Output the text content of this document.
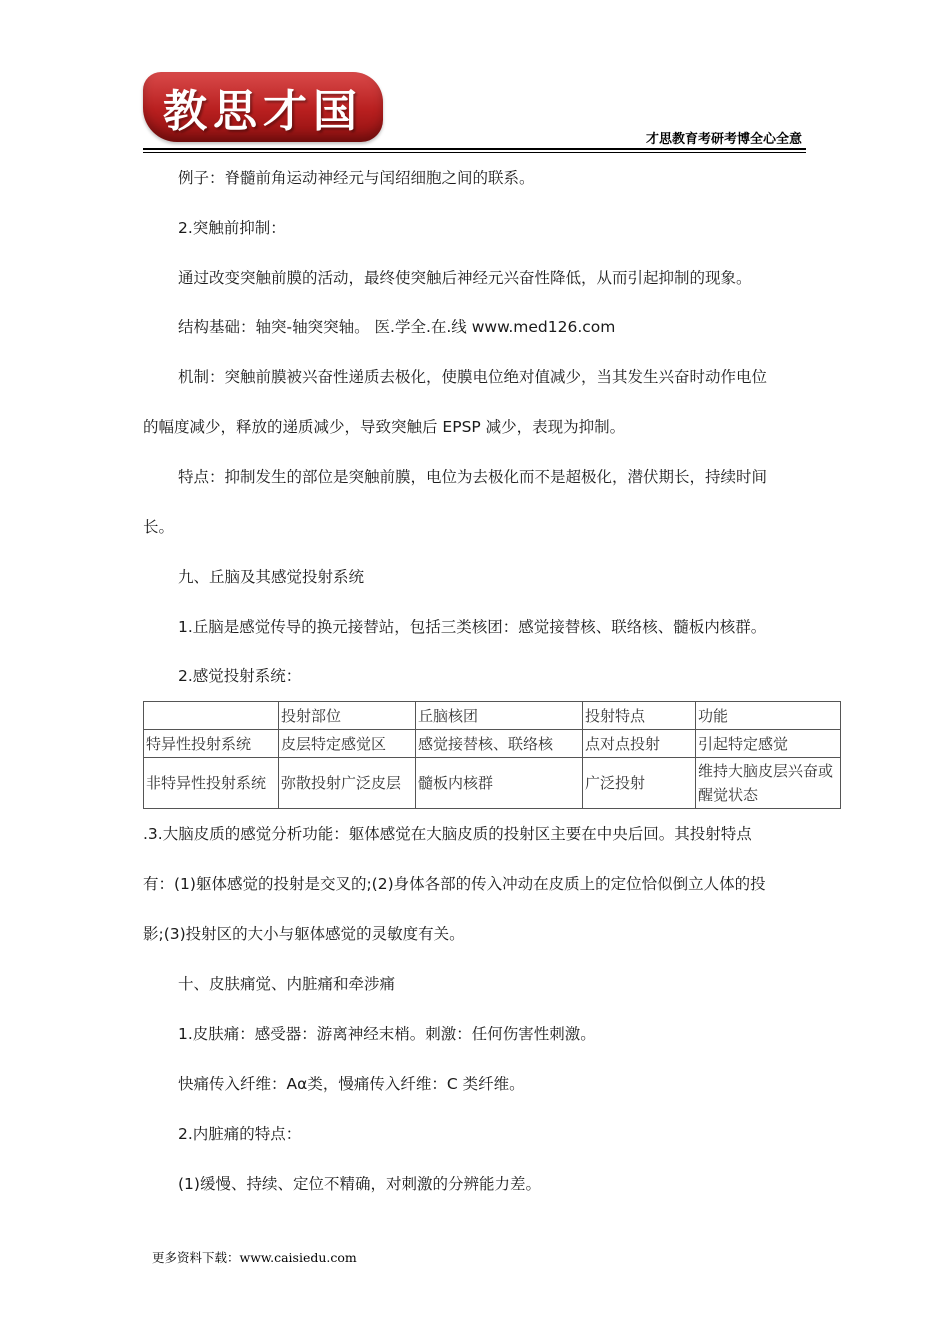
教思才国
才思教育考研考博全心全意
例子：脊髓前角运动神经元与闰绍细胞之间的联系。
2.突触前抑制：
通过改变突触前膜的活动，最终使突触后神经元兴奋性降低，从而引起抑制的现象。
结构基础：轴突-轴突突轴。 医.学全.在.线 www.med126.com
机制：突触前膜被兴奋性递质去极化，使膜电位绝对值减少，当其发生兴奋时动作电位
的幅度减少，释放的递质减少，导致突触后 EPSP 减少，表现为抑制。
特点：抑制发生的部位是突触前膜，电位为去极化而不是超极化，潜伏期长，持续时间
长。
九、丘脑及其感觉投射系统
1.丘脑是感觉传导的换元接替站，包括三类核团：感觉接替核、联络核、髓板内核群。
2.感觉投射系统：
	投射部位	丘脑核团	投射特点	功能
特异性投射系统	皮层特定感觉区	感觉接替核、联络核	点对点投射	引起特定感觉
非特异性投射系统	弥散投射广泛皮层	髓板内核群	广泛投射	维持大脑皮层兴奋或醒觉状态
.3.大脑皮质的感觉分析功能：躯体感觉在大脑皮质的投射区主要在中央后回。其投射特点
有：(1)躯体感觉的投射是交叉的;(2)身体各部的传入冲动在皮质上的定位恰似倒立人体的投
影;(3)投射区的大小与躯体感觉的灵敏度有关。
十、皮肤痛觉、内脏痛和牵涉痛
1.皮肤痛：感受器：游离神经末梢。刺激：任何伤害性刺激。
快痛传入纤维：Aα类，慢痛传入纤维：C 类纤维。
2.内脏痛的特点：
(1)缓慢、持续、定位不精确，对刺激的分辨能力差。
更多资料下载：www.caisiedu.com
